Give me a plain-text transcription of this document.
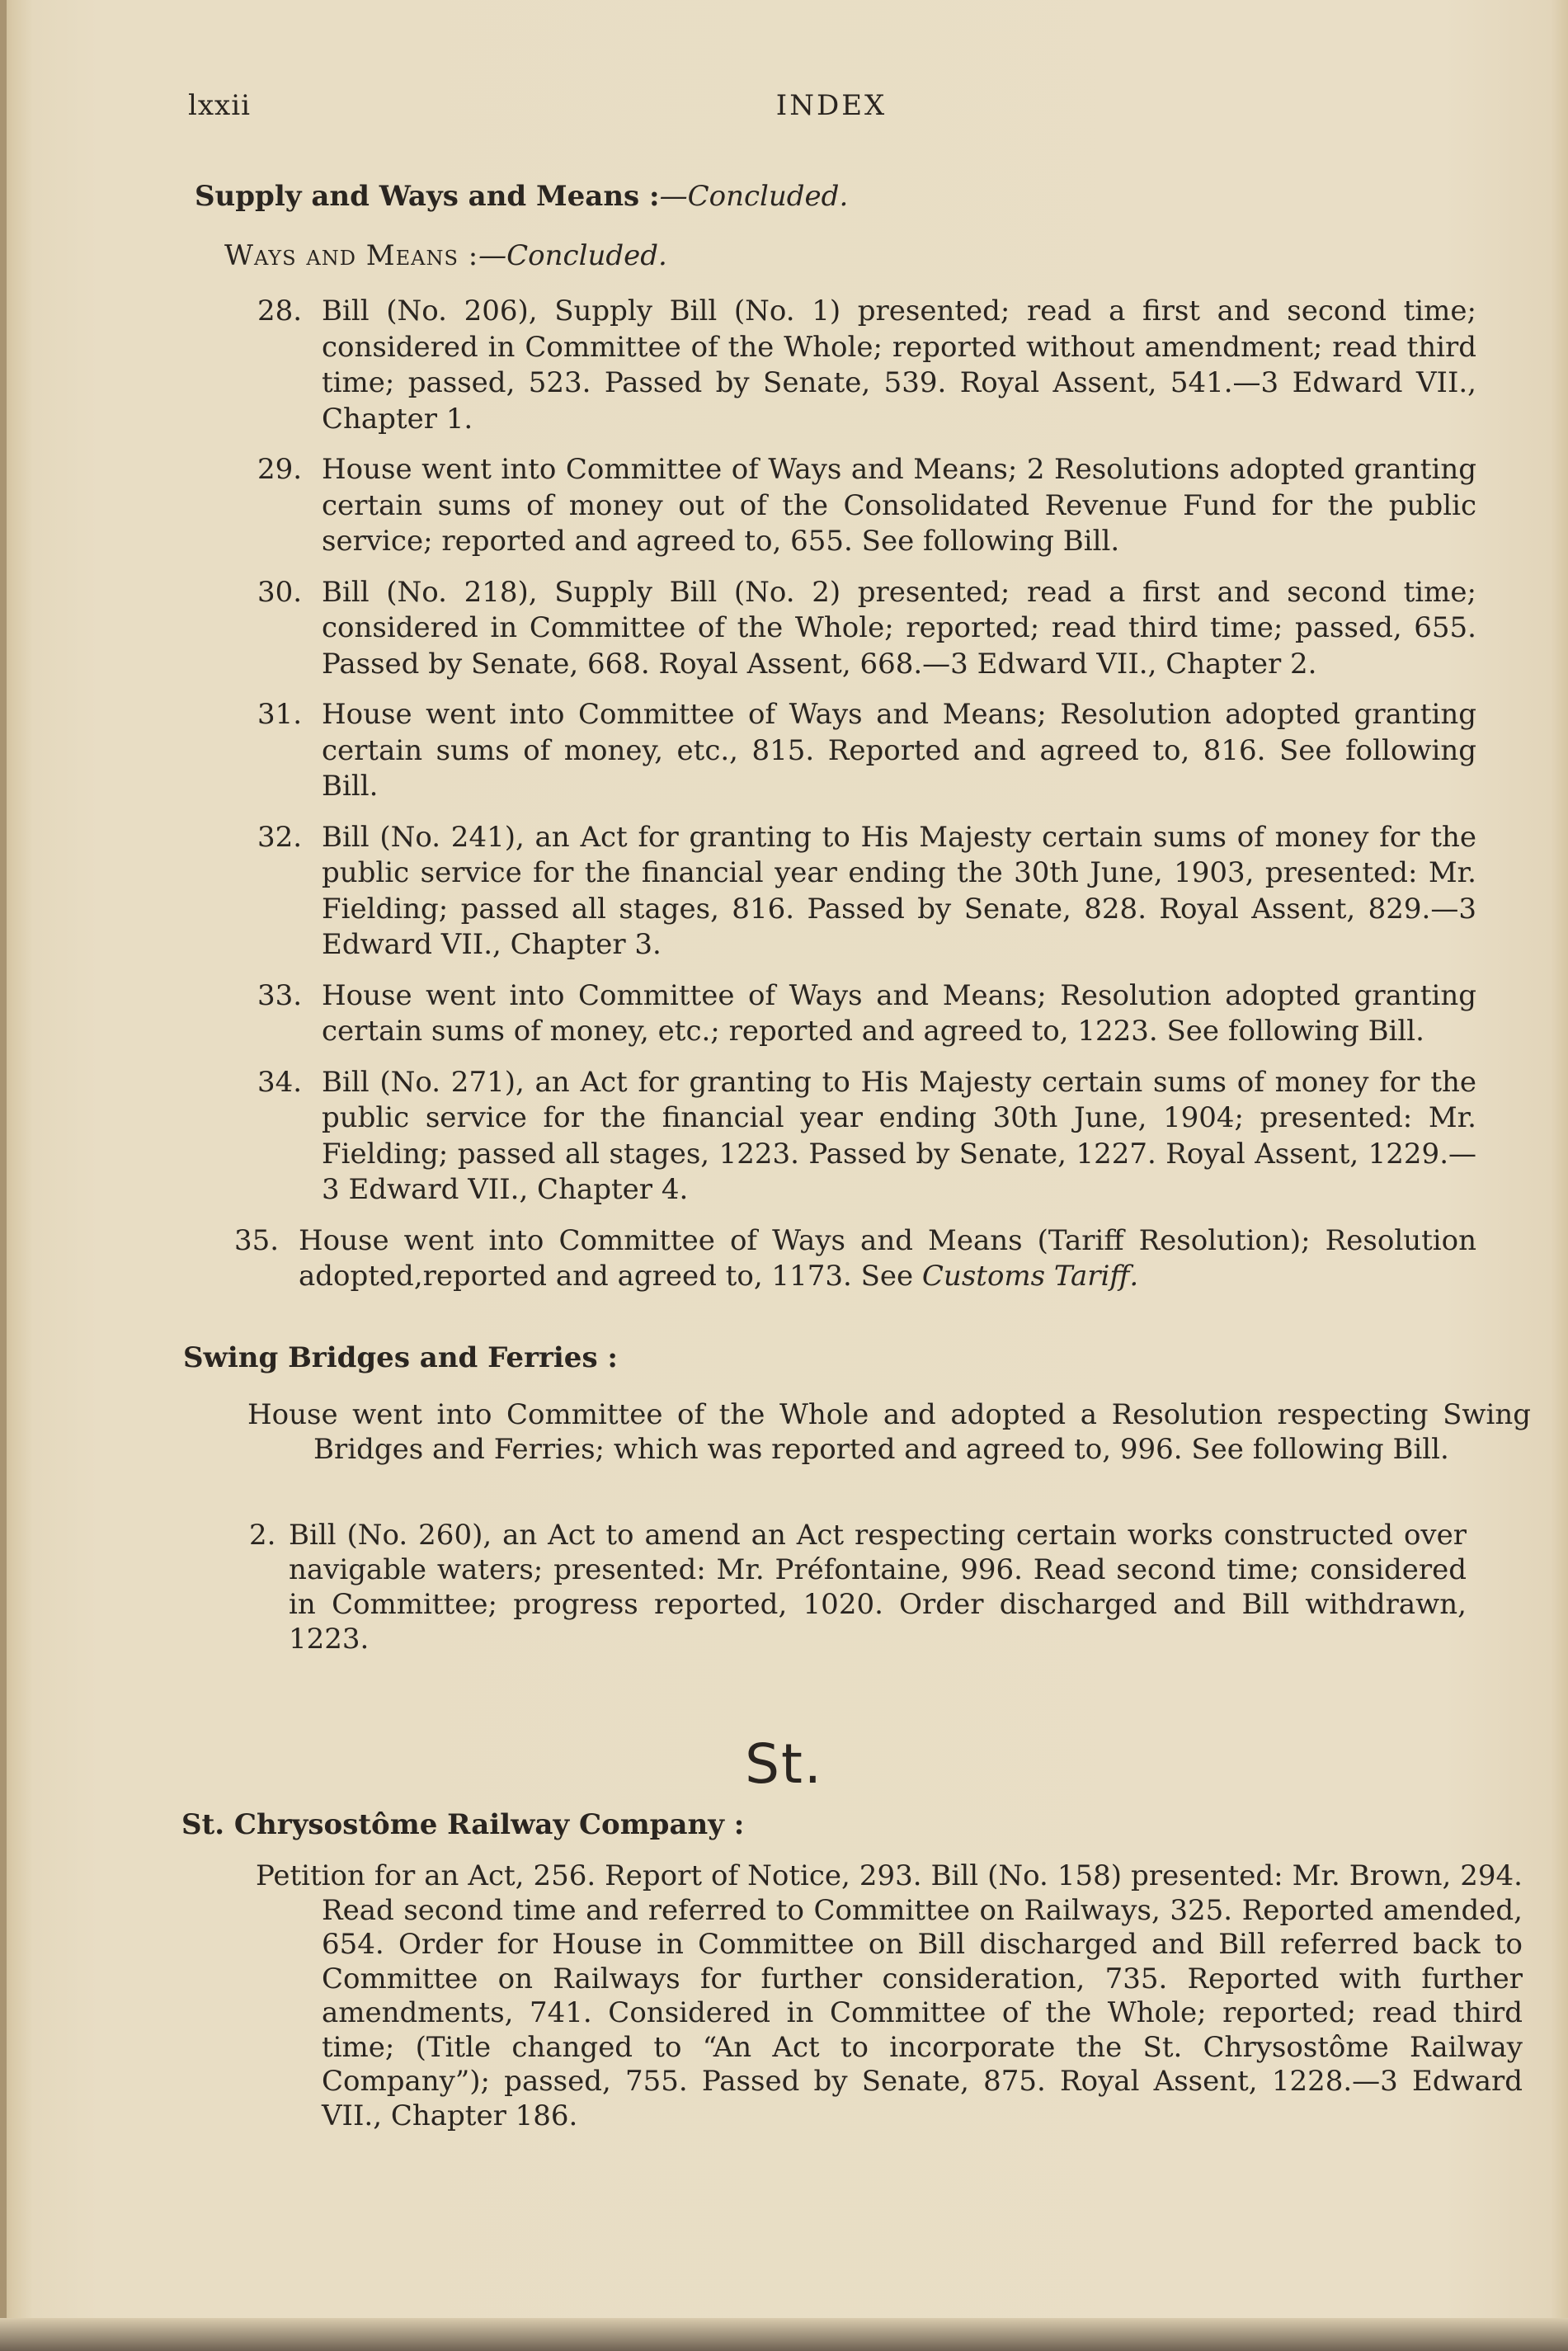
lxxii	INDEX
Supply and Ways and Means :—Concluded.
Ways and Means :—Concluded.
28. Bill (No. 206), Supply Bill (No. 1) presented; read a first and second time; considered in Committee of the Whole; reported without amendment; read third time; passed, 523. Passed by Senate, 539. Royal Assent, 541.—3 Edward VII., Chapter 1.
29. House went into Committee of Ways and Means; 2 Resolutions adopted granting certain sums of money out of the Consolidated Revenue Fund for the public service; reported and agreed to, 655. See following Bill.
30. Bill (No. 218), Supply Bill (No. 2) presented; read a first and second time; considered in Committee of the Whole; reported; read third time; passed, 655. Passed by Senate, 668. Royal Assent, 668.—3 Edward VII., Chapter 2.
31. House went into Committee of Ways and Means; Resolution adopted granting certain sums of money, etc., 815. Reported and agreed to, 816. See following Bill.
32. Bill (No. 241), an Act for granting to His Majesty certain sums of money for the public service for the financial year ending the 30th June, 1903, presented: Mr. Fielding; passed all stages, 816. Passed by Senate, 828. Royal Assent, 829.—3 Edward VII., Chapter 3.
33. House went into Committee of Ways and Means; Resolution adopted granting certain sums of money, etc.; reported and agreed to, 1223. See following Bill.
34. Bill (No. 271), an Act for granting to His Majesty certain sums of money for the public service for the financial year ending 30th June, 1904; presented: Mr. Fielding; passed all stages, 1223. Passed by Senate, 1227. Royal Assent, 1229.—3 Edward VII., Chapter 4.
35. House went into Committee of Ways and Means (Tariff Resolution); Resolution adopted,reported and agreed to, 1173. See Customs Tariff.
Swing Bridges and Ferries :
House went into Committee of the Whole and adopted a Resolution respecting Swing Bridges and Ferries; which was reported and agreed to, 996. See following Bill.
2. Bill (No. 260), an Act to amend an Act respecting certain works constructed over navigable waters; presented: Mr. Préfontaine, 996. Read second time; considered in Committee; progress reported, 1020. Order discharged and Bill withdrawn, 1223.
St.
St. Chrysostôme Railway Company :
Petition for an Act, 256. Report of Notice, 293. Bill (No. 158) presented: Mr. Brown, 294. Read second time and referred to Committee on Railways, 325. Reported amended, 654. Order for House in Committee on Bill discharged and Bill referred back to Committee on Railways for further consideration, 735. Reported with further amendments, 741. Considered in Committee of the Whole; reported; read third time; (Title changed to “An Act to incorporate the St. Chrysostôme Railway Company”); passed, 755. Passed by Senate, 875. Royal Assent, 1228.—3 Edward VII., Chapter 186.
